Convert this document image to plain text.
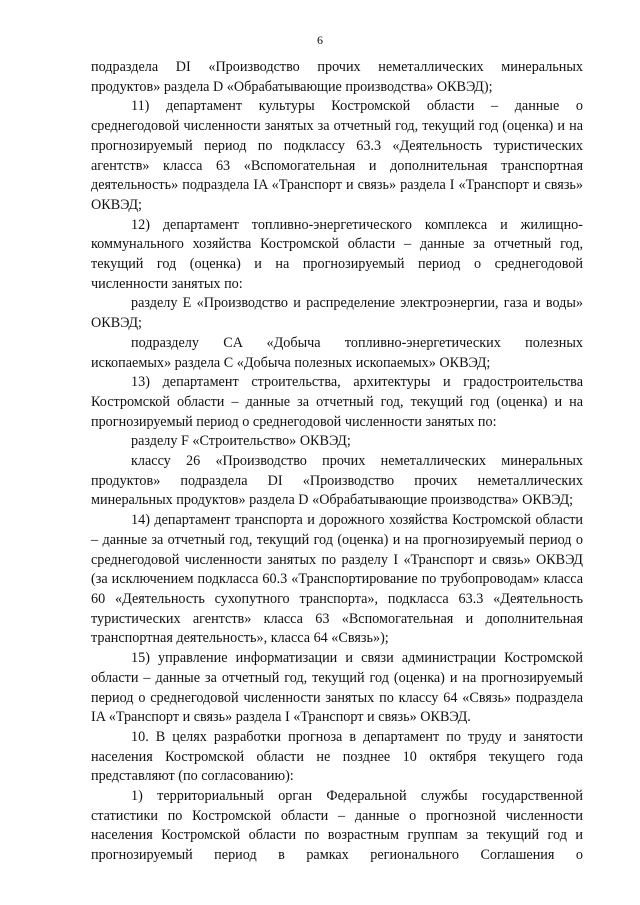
6

подраздела DI «Производство прочих неметаллических минеральных продуктов» раздела D «Обрабатывающие производства» ОКВЭД);

11) департамент культуры Костромской области – данные о среднегодовой численности занятых за отчетный год, текущий год (оценка) и на прогнозируемый период по подклассу 63.3 «Деятельность туристических агентств» класса 63 «Вспомогательная и дополнительная транспортная деятельность» подраздела IA «Транспорт и связь» раздела I «Транспорт и связь» ОКВЭД;

12) департамент топливно-энергетического комплекса и жилищно-коммунального хозяйства Костромской области – данные за отчетный год, текущий год (оценка) и на прогнозируемый период о среднегодовой численности занятых по:

разделу E «Производство и распределение электроэнергии, газа и воды» ОКВЭД;

подразделу CA «Добыча топливно-энергетических полезных ископаемых» раздела C «Добыча полезных ископаемых» ОКВЭД;

13) департамент строительства, архитектуры и градостроительства Костромской области – данные за отчетный год, текущий год (оценка) и на прогнозируемый период о среднегодовой численности занятых по:

разделу F «Строительство» ОКВЭД;

классу 26 «Производство прочих неметаллических минеральных продуктов» подраздела DI «Производство прочих неметаллических минеральных продуктов» раздела D «Обрабатывающие производства» ОКВЭД;

14) департамент транспорта и дорожного хозяйства Костромской области – данные за отчетный год, текущий год (оценка) и на прогнозируемый период о среднегодовой численности занятых по разделу I «Транспорт и связь» ОКВЭД (за исключением подкласса 60.3 «Транспортирование по трубопроводам» класса 60 «Деятельность сухопутного транспорта», подкласса 63.3 «Деятельность туристических агентств» класса 63 «Вспомогательная и дополнительная транспортная деятельность», класса 64 «Связь»);

15) управление информатизации и связи администрации Костромской области – данные за отчетный год, текущий год (оценка) и на прогнозируемый период о среднегодовой численности занятых по классу 64 «Связь» подраздела IA «Транспорт и связь» раздела I «Транспорт и связь» ОКВЭД.

10. В целях разработки прогноза в департамент по труду и занятости населения Костромской области не позднее 10 октября текущего года представляют (по согласованию):

1) территориальный орган Федеральной службы государственной статистики по Костромской области – данные о прогнозной численности населения Костромской области по возрастным группам за текущий год и прогнозируемый период в рамках регионального Соглашения о
